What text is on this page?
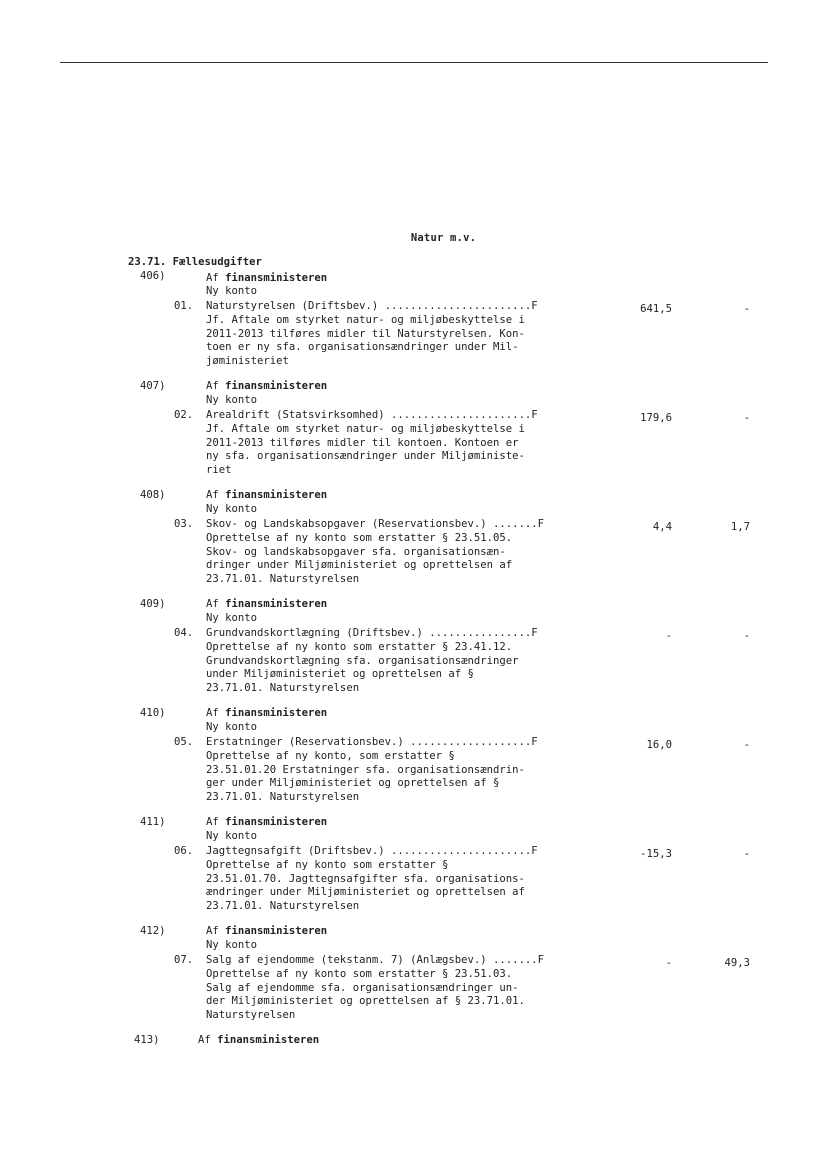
Natur m.v.
23.71. Fællesudgifter
406)	Af finansministeren
Ny konto
01.	Naturstyrelsen (Driftsbev.) .......................F	641,5	-
Jf. Aftale om styrket natur- og miljøbeskyttelse i
2011-2013 tilføres midler til Naturstyrelsen. Kon-
toen er ny sfa. organisationsændringer under Mil-
jøministeriet
407)	Af finansministeren
Ny konto
02.	Arealdrift (Statsvirksomhed) ......................F	179,6	-
Jf. Aftale om styrket natur- og miljøbeskyttelse i
2011-2013 tilføres midler til kontoen. Kontoen er
ny sfa. organisationsændringer under Miljøministe-
riet
408)	Af finansministeren
Ny konto
03.	Skov- og Landskabsopgaver (Reservationsbev.) .......F	4,4	1,7
Oprettelse af ny konto som erstatter § 23.51.05.
Skov- og landskabsopgaver sfa. organisationsæn-
dringer under Miljøministeriet og oprettelsen af
23.71.01. Naturstyrelsen
409)	Af finansministeren
Ny konto
04.	Grundvandskortlægning (Driftsbev.) ................F	-	-
Oprettelse af ny konto som erstatter § 23.41.12.
Grundvandskortlægning sfa. organisationsændringer
under Miljøministeriet og oprettelsen af §
23.71.01. Naturstyrelsen
410)	Af finansministeren
Ny konto
05.	Erstatninger (Reservationsbev.) ...................F	16,0	-
Oprettelse af ny konto, som erstatter §
23.51.01.20 Erstatninger sfa. organisationsændrin-
ger under Miljøministeriet og oprettelsen af §
23.71.01. Naturstyrelsen
411)	Af finansministeren
Ny konto
06.	Jagttegnsafgift (Driftsbev.) ......................F	-15,3	-
Oprettelse af ny konto som erstatter §
23.51.01.70. Jagttegnsafgifter sfa. organisations-
ændringer under Miljøministeriet og oprettelsen af
23.71.01. Naturstyrelsen
412)	Af finansministeren
Ny konto
07.	Salg af ejendomme (tekstanm. 7) (Anlægsbev.) .......F	-	49,3
Oprettelse af ny konto som erstatter § 23.51.03.
Salg af ejendomme sfa. organisationsændringer un-
der Miljøministeriet og oprettelsen af § 23.71.01.
Naturstyrelsen
413)	Af finansministeren
